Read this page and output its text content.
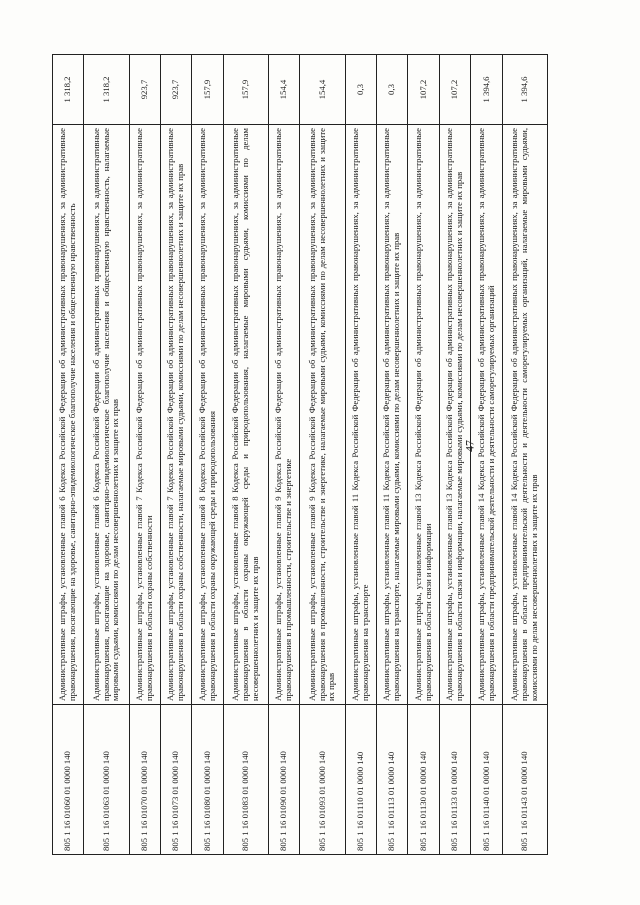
47
805 1 16 01060 01 0000 140	Административные штрафы, установленные главой 6 Кодекса Российской Федерации об административных правонарушениях, за административные правонарушения, посягающие на здоровье, санитарно-эпидемиологическое благополучие населения и общественную нравственность	1 318,2
805 1 16 01063 01 0000 140	Административные штрафы, установленные главой 6 Кодекса Российской Федерации об административных правонарушениях, за административные правонарушения, посягающие на здоровье, санитарно-эпидемиологическое благополучие населения и общественную нравственность, налагаемые мировыми судьями, комиссиями по делам несовершеннолетних и защите их прав	1 318,2
805 1 16 01070 01 0000 140	Административные штрафы, установленные главой 7 Кодекса Российской Федерации об административных правонарушениях, за административные правонарушения в области охраны собственности	923,7
805 1 16 01073 01 0000 140	Административные штрафы, установленные главой 7 Кодекса Российской Федерации об административных правонарушениях, за административные правонарушения в области охраны собственности, налагаемые мировыми судьями, комиссиями по делам несовершеннолетних и защите их прав	923,7
805 1 16 01080 01 0000 140	Административные штрафы, установленные главой 8 Кодекса Российской Федерации об административных правонарушениях, за административные правонарушения в области охраны окружающей среды и природопользования	157,9
805 1 16 01083 01 0000 140	Административные штрафы, установленные главой 8 Кодекса Российской Федерации об административных правонарушениях, за административные правонарушения в области охраны окружающей среды и природопользования, налагаемые мировыми судьями, комиссиями по делам несовершеннолетних и защите их прав	157,9
805 1 16 01090 01 0000 140	Административные штрафы, установленные главой 9 Кодекса Российской Федерации об административных правонарушениях, за административные правонарушения в промышленности, строительстве и энергетике	154,4
805 1 16 01093 01 0000 140	Административные штрафы, установленные главой 9 Кодекса Российской Федерации об административных правонарушениях, за административные правонарушения в промышленности, строительстве и энергетике, налагаемые мировыми судьями, комиссиями по делам несовершеннолетних и защите их прав	154,4
805 1 16 01110 01 0000 140	Административные штрафы, установленные главой 11 Кодекса Российской Федерации об административных правонарушениях, за административные правонарушения на транспорте	0,3
805 1 16 01113 01 0000 140	Административные штрафы, установленные главой 11 Кодекса Российской Федерации об административных правонарушениях, за административные правонарушения на транспорте, налагаемые мировыми судьями, комиссиями по делам несовершеннолетних и защите их прав	0,3
805 1 16 01130 01 0000 140	Административные штрафы, установленные главой 13 Кодекса Российской Федерации об административных правонарушениях, за административные правонарушения в области связи и информации	107,2
805 1 16 01133 01 0000 140	Административные штрафы, установленные главой 13 Кодекса Российской Федерации об административных правонарушениях, за административные правонарушения в области связи и информации, налагаемые мировыми судьями, комиссиями по делам несовершеннолетних и защите их прав	107,2
805 1 16 01140 01 0000 140	Административные штрафы, установленные главой 14 Кодекса Российской Федерации об административных правонарушениях, за административные правонарушения в области предпринимательской деятельности и деятельности саморегулируемых организаций	1 394,6
805 1 16 01143 01 0000 140	Административные штрафы, установленные главой 14 Кодекса Российской Федерации об административных правонарушениях, за административные правонарушения в области предпринимательской деятельности и деятельности саморегулируемых организаций, налагаемые мировыми судьями, комиссиями по делам несовершеннолетних и защите их прав	1 394,6
